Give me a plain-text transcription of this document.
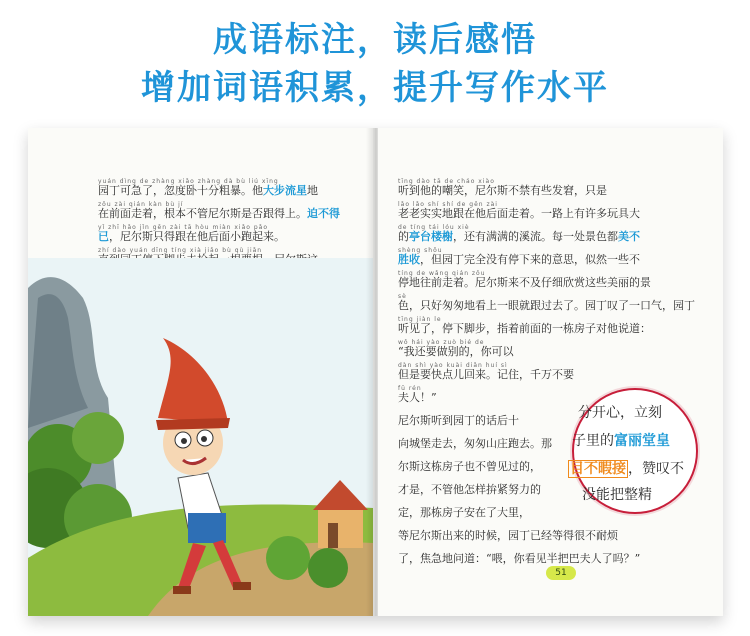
成语标注，读后感悟
增加词语积累，提升写作水平
yuán dìng de zhàng xiǎo zhàng dà bù liú xīng
园丁可急了，忽度卧十分粗暴。他大步流星地
zǒu zài qián kàn bù jí
在前面走着，根本不管尼尔斯是否跟得上。迫不得
yǐ zhī hǎo jǐn gēn zài tā hòu miàn xiǎo pǎo
已，尼尔斯只得跟在他后面小跑起来。
zhí dào yuán dīng tíng xià jiǎo bù qù jiǎn
tīng dào tā de cháo xiào
听到他的嘲笑，尼尔斯不禁有些发窘，只是
lǎo lǎo shí shí de gēn zài
老老实实地跟在他后面走着。一路上有许多玩具大
de tíng tái lóu xiè
的亭台楼榭，还有满满的溪流。每一处景色都美不
shèng shōu
胜收，但园丁完全没有停下来的意思，似然一些不
tíng de wǎng qián zǒu
停地往前走着。尼尔斯来不及仔细欣赏这些美丽的景
sè
色，只好匆匆地看上一眼就跟过去了。园丁叹了一口气，园丁
tīng jiàn le
听见了，停下脚步，指着前面的一栋房子对他说道：
wǒ hái yào zuò bié de
“我还要做别的，你可以
dàn shì yào kuài diǎn huí sì
但是要快点儿回来。记住，千万不要
fū rén
夫人！”
尼尔斯听到园丁的话后十
向城堡走去，匆匆山庄跑去。那
尔斯这栋房子也不曾见过的，
才是，不管他怎样拚紧努力的
定，那栋房子安在了大里，
等尼尔斯出来的时候，园丁已经等得很不耐烦
了，焦急地问道：“喂，你看见半把巴夫人了吗？”
51
分开心，立刻
子里的富丽堂皇
目不暇接 ，赞叹不
没能把整精
